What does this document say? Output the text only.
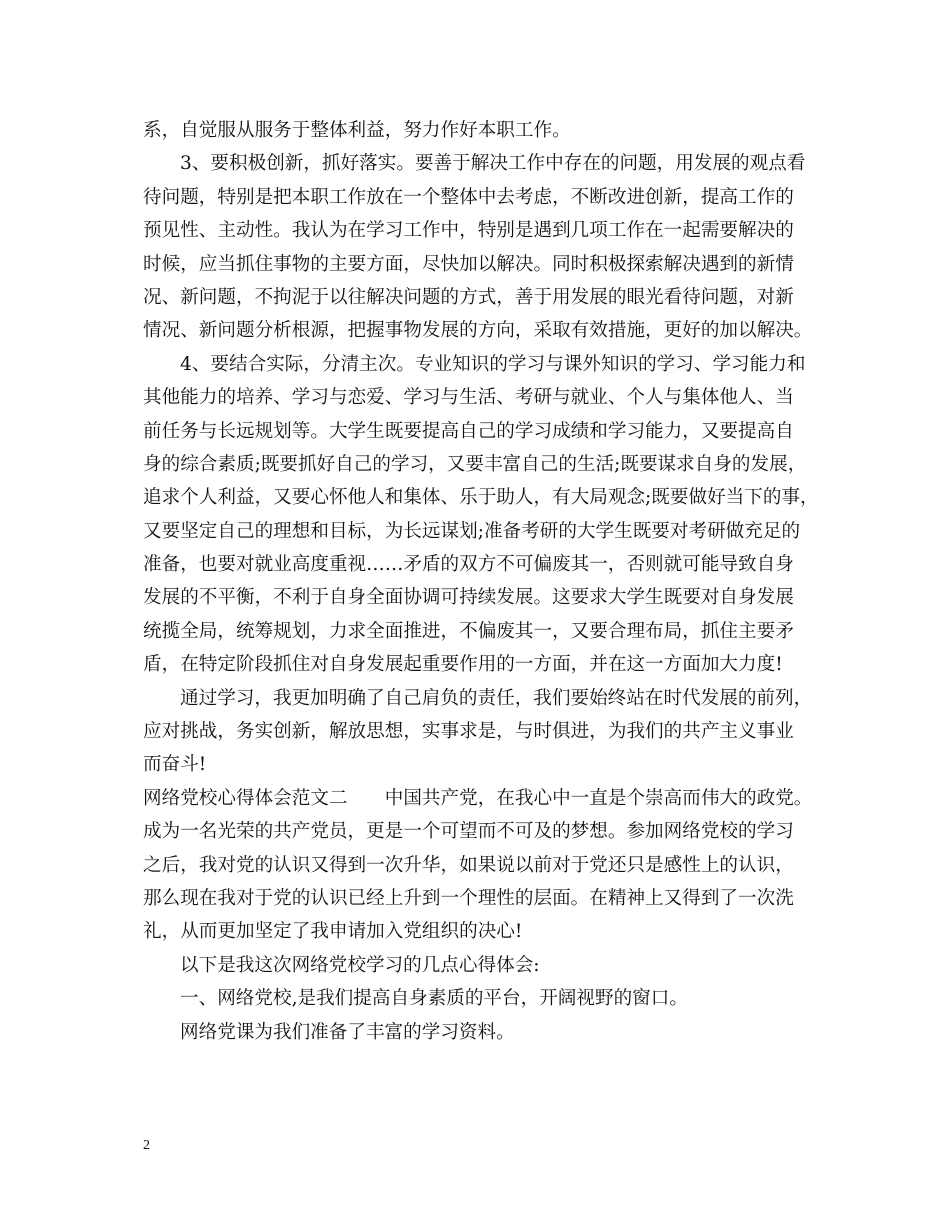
系，自觉服从服务于整体利益，努力作好本职工作。
3、要积极创新，抓好落实。要善于解决工作中存在的问题，用发展的观点看
待问题，特别是把本职工作放在一个整体中去考虑，不断改进创新，提高工作的
预见性、主动性。我认为在学习工作中，特别是遇到几项工作在一起需要解决的
时候，应当抓住事物的主要方面，尽快加以解决。同时积极探索解决遇到的新情
况、新问题，不拘泥于以往解决问题的方式，善于用发展的眼光看待问题，对新
情况、新问题分析根源，把握事物发展的方向，采取有效措施，更好的加以解决。
4、要结合实际，分清主次。专业知识的学习与课外知识的学习、学习能力和
其他能力的培养、学习与恋爱、学习与生活、考研与就业、个人与集体他人、当
前任务与长远规划等。大学生既要提高自己的学习成绩和学习能力，又要提高自
身的综合素质;既要抓好自己的学习，又要丰富自己的生活;既要谋求自身的发展，
追求个人利益，又要心怀他人和集体、乐于助人，有大局观念;既要做好当下的事，
又要坚定自己的理想和目标，为长远谋划;准备考研的大学生既要对考研做充足的
准备，也要对就业高度重视……矛盾的双方不可偏废其一，否则就可能导致自身
发展的不平衡，不利于自身全面协调可持续发展。这要求大学生既要对自身发展
统揽全局，统筹规划，力求全面推进，不偏废其一，又要合理布局，抓住主要矛
盾，在特定阶段抓住对自身发展起重要作用的一方面，并在这一方面加大力度!
通过学习，我更加明确了自己肩负的责任，我们要始终站在时代发展的前列，
应对挑战，务实创新，解放思想，实事求是，与时俱进，为我们的共产主义事业
而奋斗!
网络党校心得体会范文二　　中国共产党，在我心中一直是个崇高而伟大的政党。
成为一名光荣的共产党员，更是一个可望而不可及的梦想。参加网络党校的学习
之后，我对党的认识又得到一次升华，如果说以前对于党还只是感性上的认识，
那么现在我对于党的认识已经上升到一个理性的层面。在精神上又得到了一次洗
礼，从而更加坚定了我申请加入党组织的决心!
以下是我这次网络党校学习的几点心得体会:
一、网络党校,是我们提高自身素质的平台，开阔视野的窗口。
网络党课为我们准备了丰富的学习资料。
2
